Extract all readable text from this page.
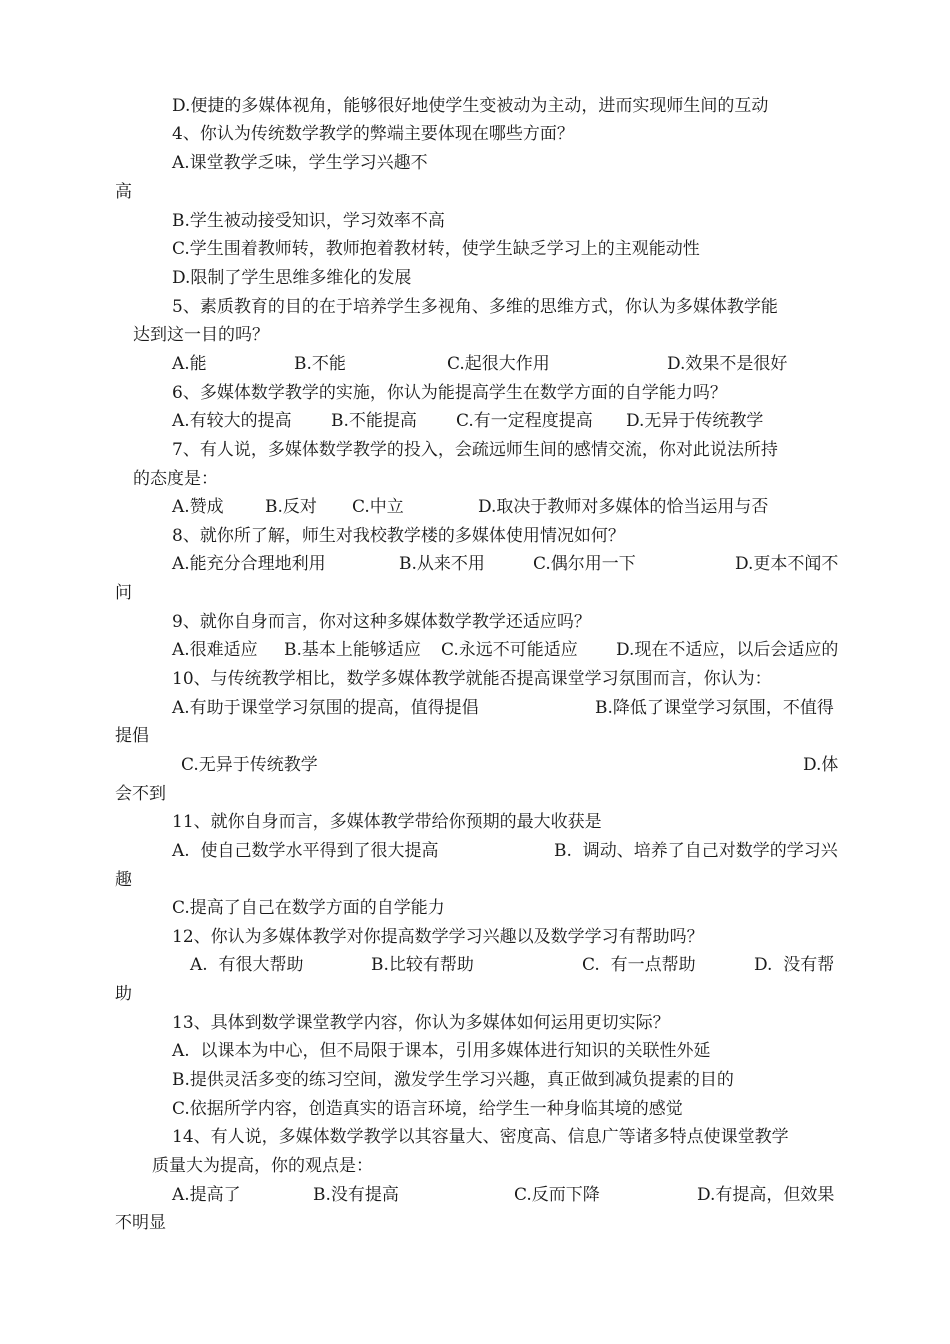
D.便捷的多媒体视角，能够很好地使学生变被动为主动，进而实现师生间的互动
4、你认为传统数学教学的弊端主要体现在哪些方面？
A.课堂教学乏味，学生学习兴趣不
高
B.学生被动接受知识，学习效率不高
C.学生围着教师转，教师抱着教材转，使学生缺乏学习上的主观能动性
D.限制了学生思维多维化的发展
5、素质教育的目的在于培养学生多视角、多维的思维方式，你认为多媒体教学能
达到这一目的吗？
A.能	B.不能	C.起很大作用	D.效果不是很好
6、多媒体数学教学的实施，你认为能提高学生在数学方面的自学能力吗？
A.有较大的提高 B.不能提高 C.有一定程度提高 D.无异于传统教学
7、有人说，多媒体数学教学的投入，会疏远师生间的感情交流，你对此说法所持
的态度是：
A.赞成 B.反对 C.中立	D.取决于教师对多媒体的恰当运用与否
8、就你所了解，师生对我校教学楼的多媒体使用情况如何？
A.能充分合理地利用	B.从来不用	C.偶尔用一下	D.更本不闻不
问
9、就你自身而言，你对这种多媒体数学教学还适应吗？
A.很难适应 B.基本上能够适应 C.永远不可能适应 D.现在不适应，以后会适应的
10、与传统教学相比，数学多媒体教学就能否提高课堂学习氛围而言，你认为：
A.有助于课堂学习氛围的提高，值得提倡	B.降低了课堂学习氛围，不值得
提倡
C.无异于传统教学	D.体
会不到
11、就你自身而言，多媒体教学带给你预期的最大收获是
A.  使自己数学水平得到了很大提高	B.  调动、培养了自己对数学的学习兴
趣
C.提高了自己在数学方面的自学能力
12、你认为多媒体教学对你提高数学学习兴趣以及数学学习有帮助吗？
A.  有很大帮助	B.比较有帮助	C.  有一点帮助	D.  没有帮
助
13、具体到数学课堂教学内容，你认为多媒体如何运用更切实际？
A.  以课本为中心，但不局限于课本，引用多媒体进行知识的关联性外延
B.提供灵活多变的练习空间，激发学生学习兴趣，真正做到减负提素的目的
C.依据所学内容，创造真实的语言环境，给学生一种身临其境的感觉
14、有人说，多媒体数学教学以其容量大、密度高、信息广等诸多特点使课堂教学
质量大为提高，你的观点是：
A.提高了	B.没有提高	C.反而下降	D.有提高，但效果
不明显
